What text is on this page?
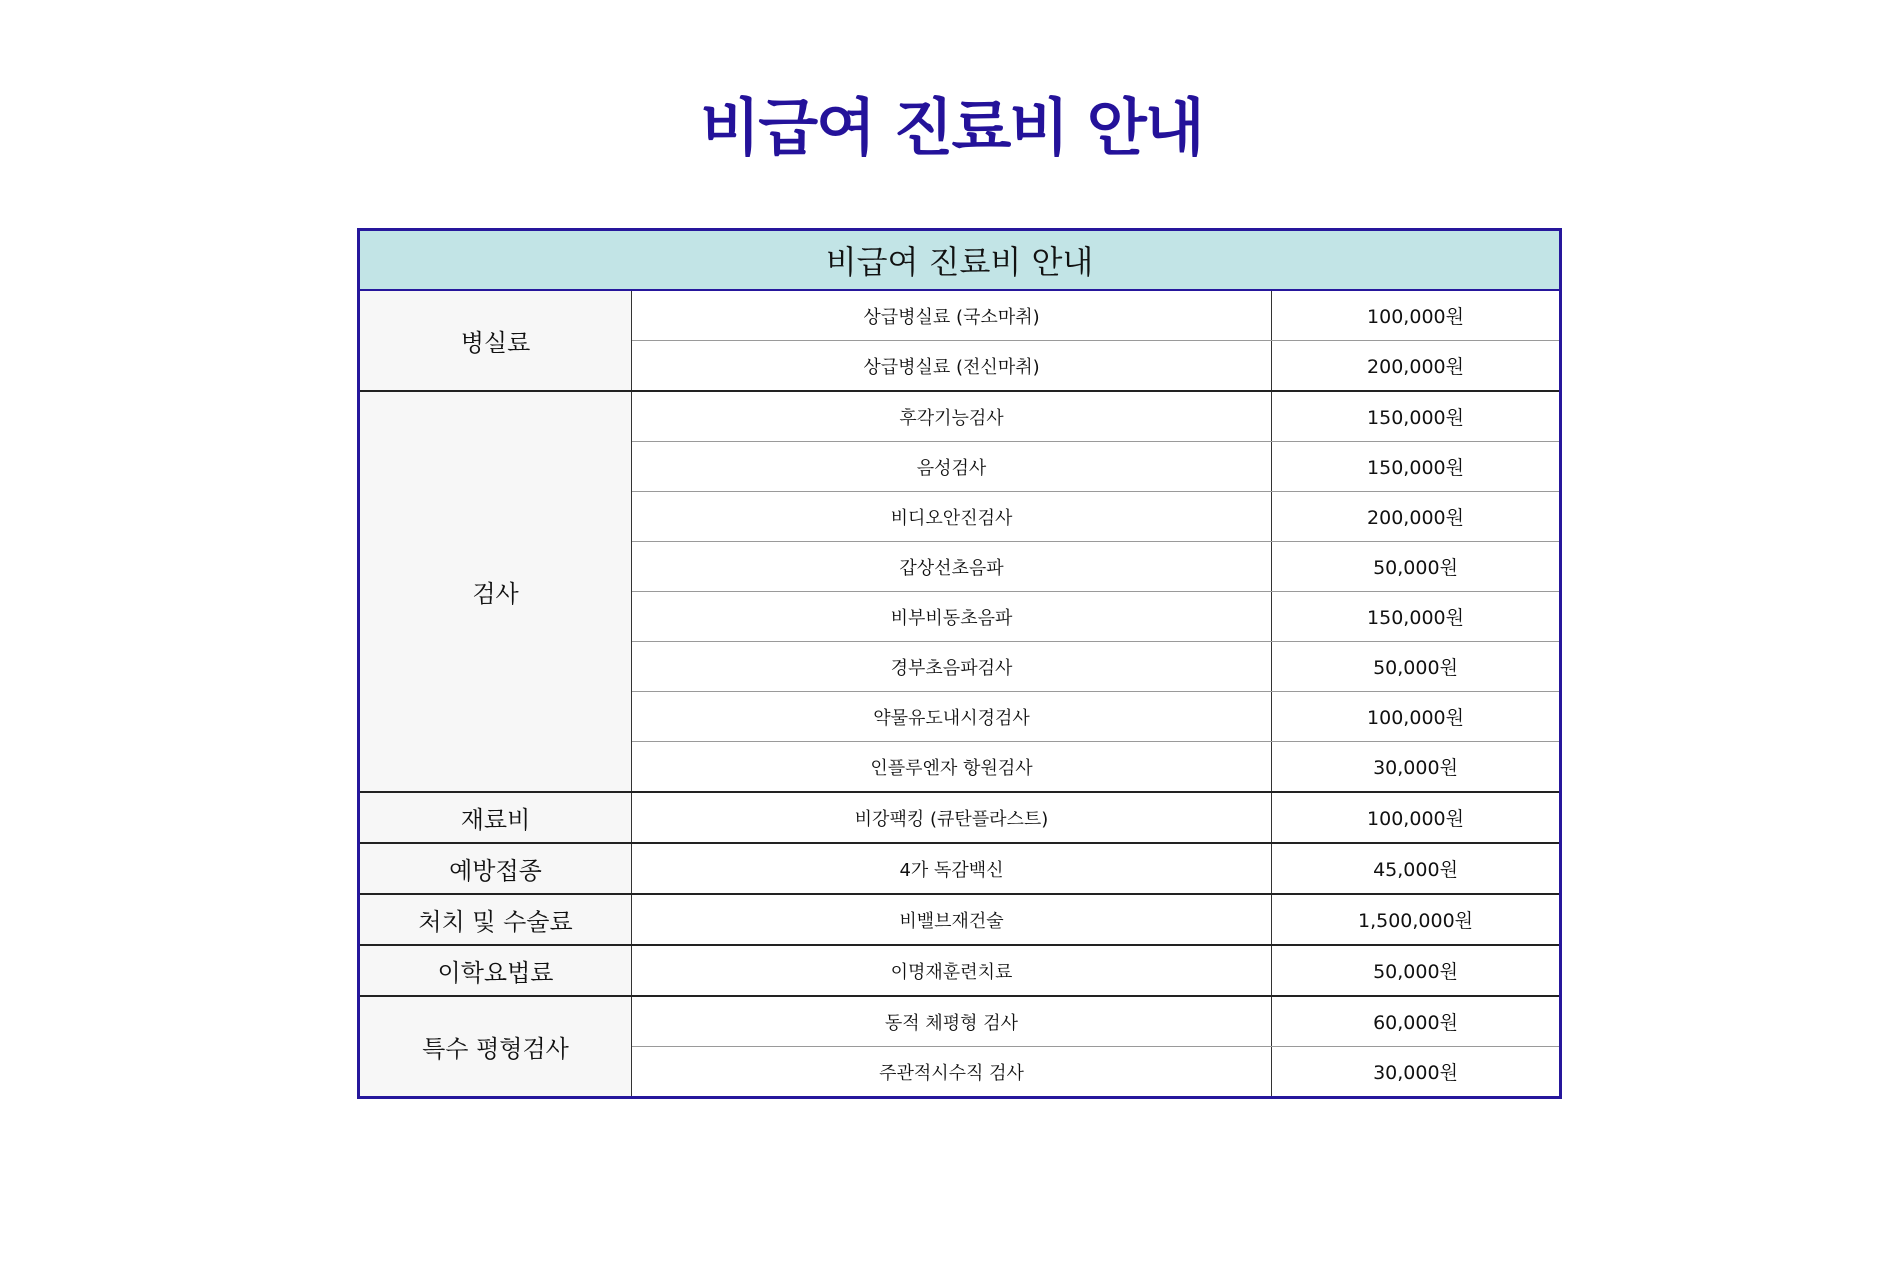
비급여 진료비 안내
비급여 진료비 안내		
병실료	상급병실료 (국소마취)	100,000원
	상급병실료 (전신마취)	200,000원
검사	후각기능검사	150,000원
	음성검사	150,000원
	비디오안진검사	200,000원
	갑상선초음파	50,000원
	비부비동초음파	150,000원
	경부초음파검사	50,000원
	약물유도내시경검사	100,000원
	인플루엔자 항원검사	30,000원
재료비	비강팩킹 (큐탄플라스트)	100,000원
예방접종	4가 독감백신	45,000원
처치 및 수술료	비밸브재건술	1,500,000원
이학요법료	이명재훈련치료	50,000원
특수 평형검사	동적 체평형 검사	60,000원
	주관적시수직 검사	30,000원
